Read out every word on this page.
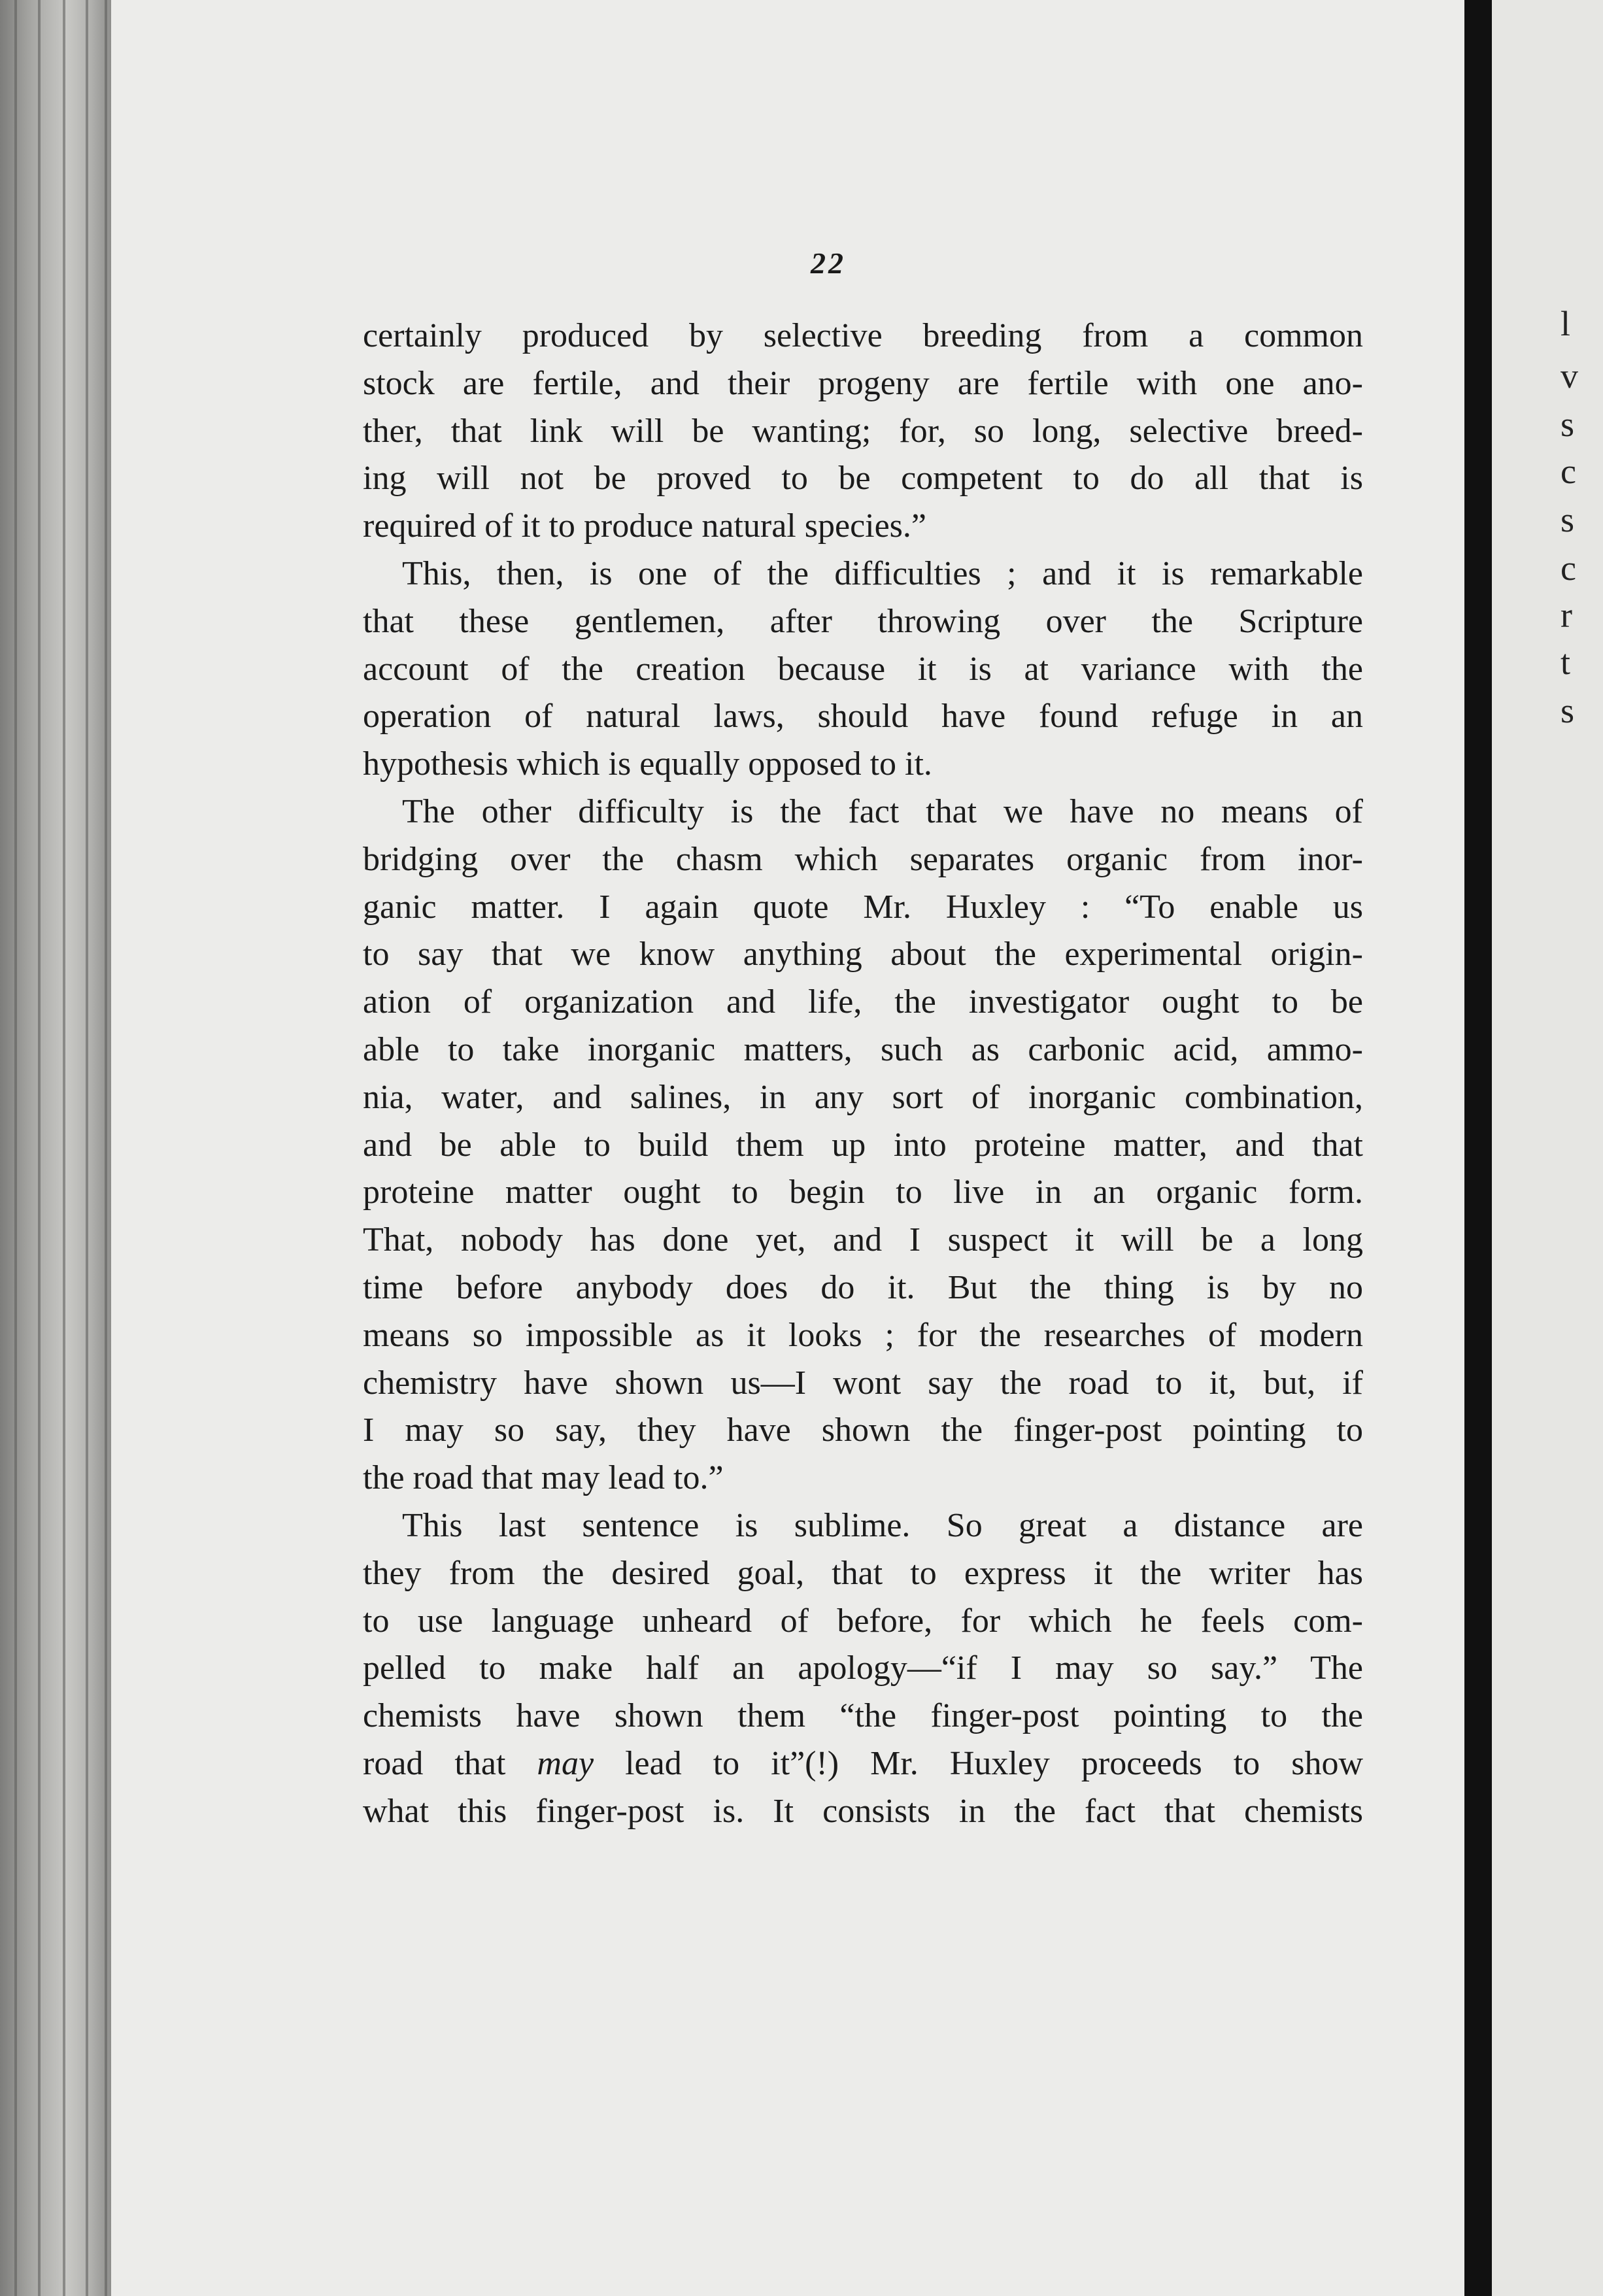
l
v
s
c
s
c
r
t
s
22

certainly produced by selective breeding from a common

stock are fertile, and their progeny are fertile with one ano-

ther, that link will be wanting; for, so long, selective breed-

ing will not be proved to be competent to do all that is

required of it to produce natural species.”

This, then, is one of the difficulties ; and it is remarkable

that these gentlemen, after throwing over the Scripture

account of the creation because it is at variance with the

operation of natural laws, should have found refuge in an

hypothesis which is equally opposed to it.

The other difficulty is the fact that we have no means of

bridging over the chasm which separates organic from inor-

ganic matter. I again quote Mr. Huxley : “To enable us

to say that we know anything about the experimental origin-

ation of organization and life, the investigator ought to be

able to take inorganic matters, such as carbonic acid, ammo-

nia, water, and salines, in any sort of inorganic combination,

and be able to build them up into proteine matter, and that

proteine matter ought to begin to live in an organic form.

That, nobody has done yet, and I suspect it will be a long

time before anybody does do it. But the thing is by no

means so impossible as it looks ; for the researches of modern

chemistry have shown us—I wont say the road to it, but, if

I may so say, they have shown the finger-post pointing to

the road that may lead to.”

This last sentence is sublime. So great a distance are

they from the desired goal, that to express it the writer has

to use language unheard of before, for which he feels com-

pelled to make half an apology—“if I may so say.” The

chemists have shown them “the finger-post pointing to the

road that may lead to it”(!) Mr. Huxley proceeds to show

what this finger-post is. It consists in the fact that chemists
